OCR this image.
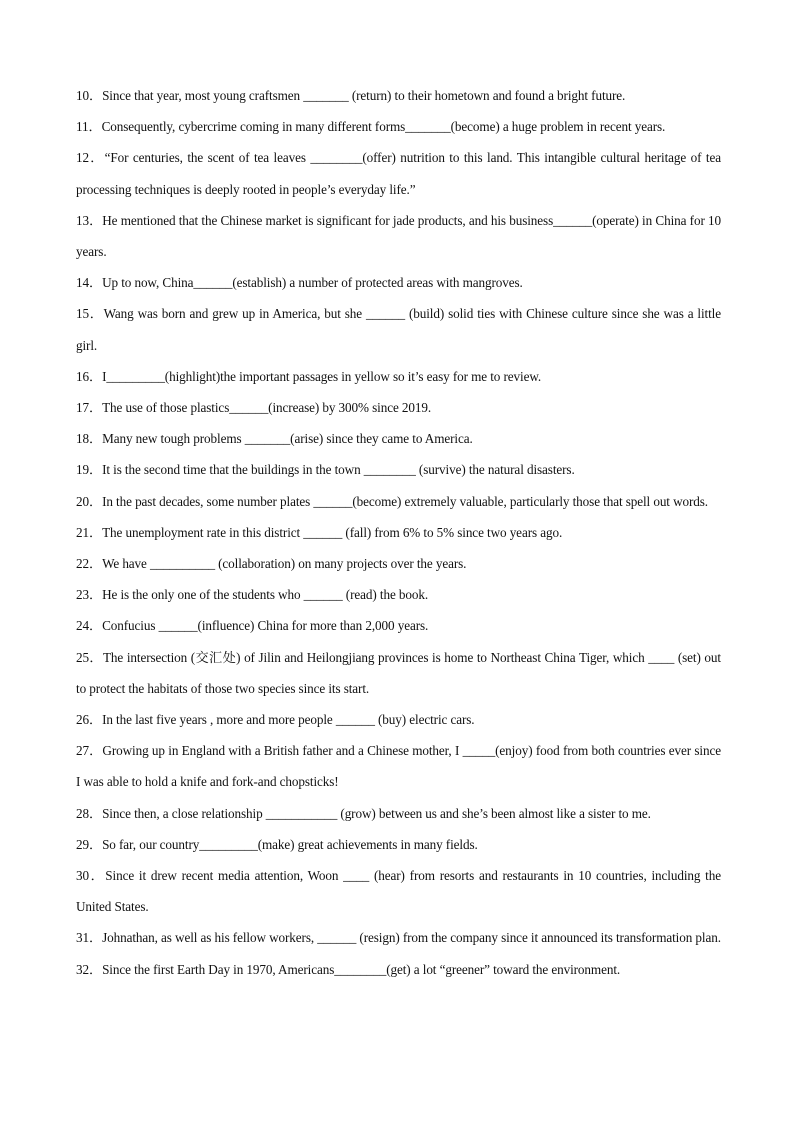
10．Since that year, most young craftsmen _______ (return) to their hometown and found a bright future.
11．Consequently, cybercrime coming in many different forms_______(become) a huge problem in recent years.
12．“For centuries, the scent of tea leaves ________(offer) nutrition to this land. This intangible cultural heritage of tea processing techniques is deeply rooted in people’s everyday life.”
13．He mentioned that the Chinese market is significant for jade products, and his business______(operate) in China for 10 years.
14．Up to now, China______(establish) a number of protected areas with mangroves.
15．Wang was born and grew up in America, but she ______ (build) solid ties with Chinese culture since she was a little girl.
16．I_________(highlight)the important passages in yellow so it’s easy for me to review.
17．The use of those plastics______(increase) by 300% since 2019.
18．Many new tough problems _______(arise) since they came to America.
19．It is the second time that the buildings in the town ________ (survive) the natural disasters.
20．In the past decades, some number plates ______(become) extremely valuable, particularly those that spell out words.
21．The unemployment rate in this district ______ (fall) from 6% to 5% since two years ago.
22．We have __________ (collaboration) on many projects over the years.
23．He is the only one of the students who ______ (read) the book.
24．Confucius ______(influence) China for more than 2,000 years.
25．The intersection (交汇处) of Jilin and Heilongjiang provinces is home to Northeast China Tiger, which ____ (set) out to protect the habitats of those two species since its start.
26．In the last five years , more and more people ______ (buy) electric cars.
27．Growing up in England with a British father and a Chinese mother, I _____(enjoy) food from both countries ever since I was able to hold a knife and fork-and chopsticks!
28．Since then, a close relationship ___________ (grow) between us and she’s been almost like a sister to me.
29．So far, our country_________(make) great achievements in many fields.
30．Since it drew recent media attention, Woon ____ (hear) from resorts and restaurants in 10 countries, including the United States.
31．Johnathan, as well as his fellow workers, ______ (resign) from the company since it announced its transformation plan.
32．Since the first Earth Day in 1970, Americans________(get) a lot “greener” toward the environment.
